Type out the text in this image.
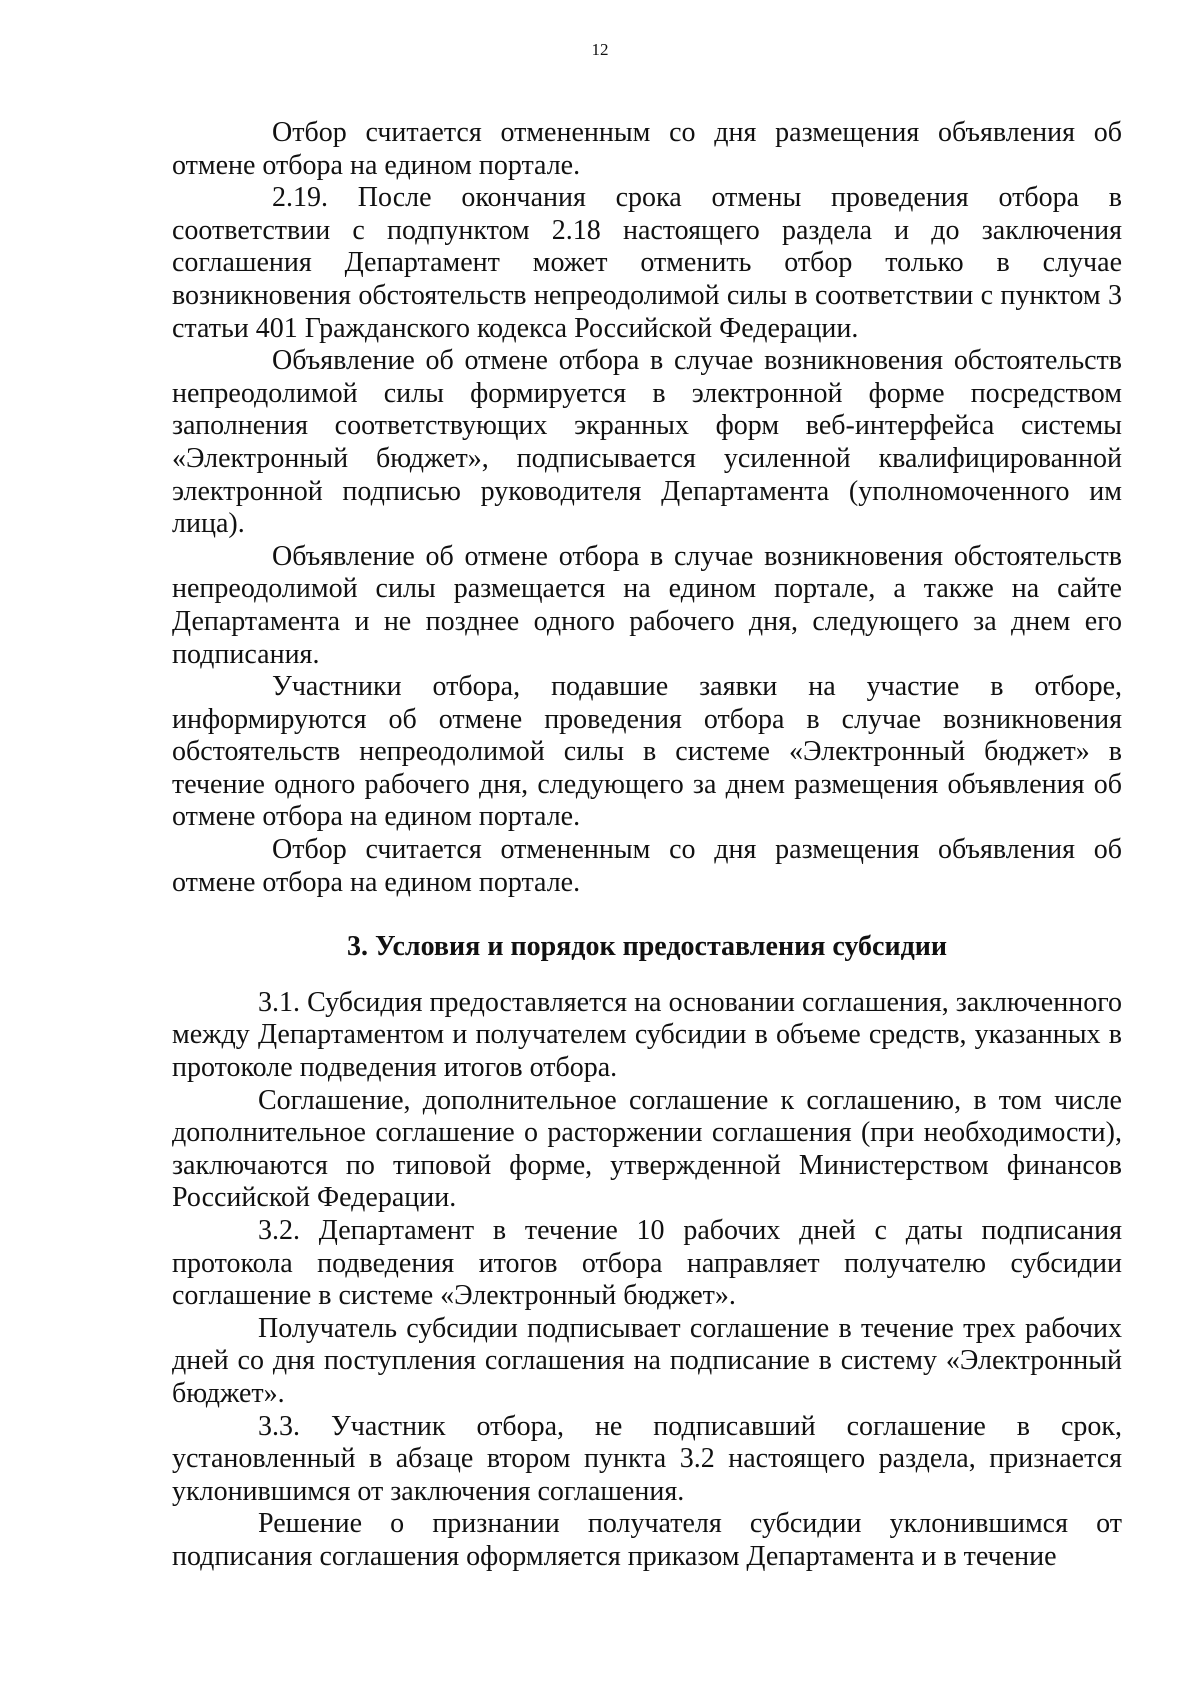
12

Отбор считается отмененным со дня размещения объявления об отмене отбора на едином портале.

2.19. После окончания срока отмены проведения отбора в соответствии с подпунктом 2.18 настоящего раздела и до заключения соглашения Департамент может отменить отбор только в случае возникновения обстоятельств непреодолимой силы в соответствии с пунктом 3 статьи 401 Гражданского кодекса Российской Федерации.

Объявление об отмене отбора в случае возникновения обстоятельств непреодолимой силы формируется в электронной форме посредством заполнения соответствующих экранных форм веб-интерфейса системы «Электронный бюджет», подписывается усиленной квалифицированной электронной подписью руководителя Департамента (уполномоченного им лица).

Объявление об отмене отбора в случае возникновения обстоятельств непреодолимой силы размещается на едином портале, а также на сайте Департамента и не позднее одного рабочего дня, следующего за днем его подписания.

Участники отбора, подавшие заявки на участие в отборе, информируются об отмене проведения отбора в случае возникновения обстоятельств непреодолимой силы в системе «Электронный бюджет» в течение одного рабочего дня, следующего за днем размещения объявления об отмене отбора на едином портале.

Отбор считается отмененным со дня размещения объявления об отмене отбора на едином портале.

3. Условия и порядок предоставления субсидии

3.1. Субсидия предоставляется на основании соглашения, заключенного между Департаментом и получателем субсидии в объеме средств, указанных в протоколе подведения итогов отбора.

Соглашение, дополнительное соглашение к соглашению, в том числе дополнительное соглашение о расторжении соглашения (при необходимости), заключаются по типовой форме, утвержденной Министерством финансов Российской Федерации.

3.2. Департамент в течение 10 рабочих дней с даты подписания протокола подведения итогов отбора направляет получателю субсидии соглашение в системе «Электронный бюджет».

Получатель субсидии подписывает соглашение в течение трех рабочих дней со дня поступления соглашения на подписание в систему «Электронный бюджет».

3.3. Участник отбора, не подписавший соглашение в срок, установленный в абзаце втором пункта 3.2 настоящего раздела, признается уклонившимся от заключения соглашения.

Решение о признании получателя субсидии уклонившимся от подписания соглашения оформляется приказом Департамента и в течение
